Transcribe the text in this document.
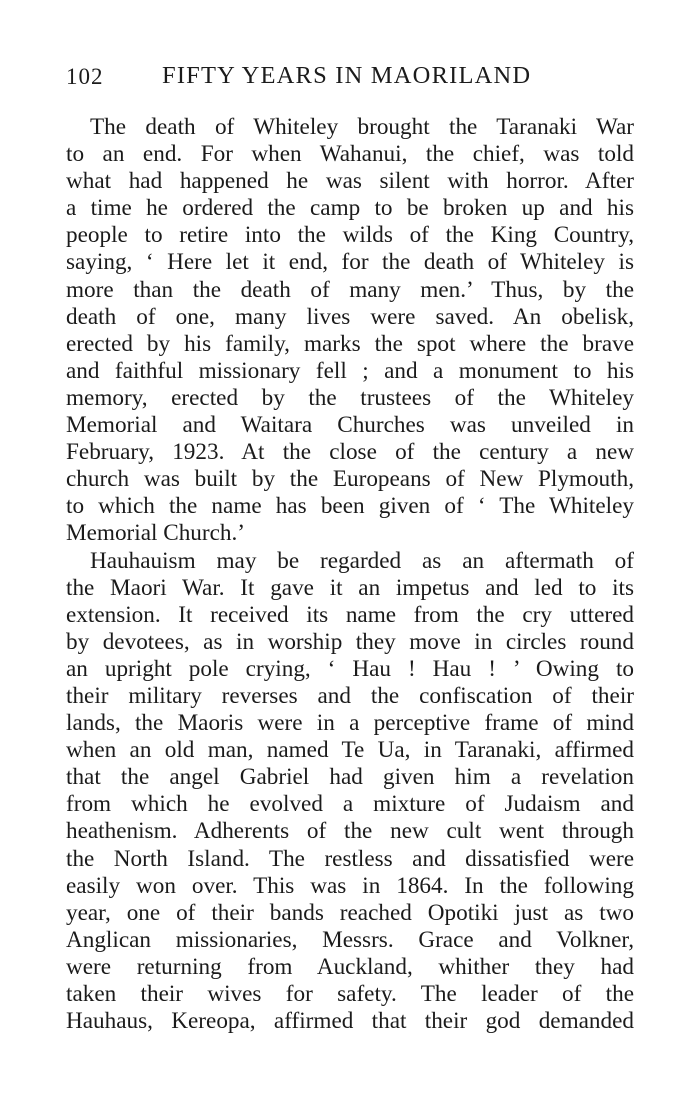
102 FIFTY YEARS IN MAORILAND
The death of Whiteley brought the Taranaki War
to an end. For when Wahanui, the chief, was told
what had happened he was silent with horror. After
a time he ordered the camp to be broken up and his
people to retire into the wilds of the King Country,
saying, ‘ Here let it end, for the death of Whiteley is
more than the death of many men.’ Thus, by the
death of one, many lives were saved. An obelisk,
erected by his family, marks the spot where the brave
and faithful missionary fell ; and a monument to his
memory, erected by the trustees of the Whiteley
Memorial and Waitara Churches was unveiled in
February, 1923. At the close of the century a new
church was built by the Europeans of New Plymouth,
to which the name has been given of ‘ The Whiteley
Memorial Church.’
Hauhauism may be regarded as an aftermath of
the Maori War. It gave it an impetus and led to its
extension. It received its name from the cry uttered
by devotees, as in worship they move in circles round
an upright pole crying, ‘ Hau ! Hau ! ’ Owing to
their military reverses and the confiscation of their
lands, the Maoris were in a perceptive frame of mind
when an old man, named Te Ua, in Taranaki, affirmed
that the angel Gabriel had given him a revelation
from which he evolved a mixture of Judaism and
heathenism. Adherents of the new cult went through
the North Island. The restless and dissatisfied were
easily won over. This was in 1864. In the following
year, one of their bands reached Opotiki just as two
Anglican missionaries, Messrs. Grace and Volkner,
were returning from Auckland, whither they had
taken their wives for safety. The leader of the
Hauhaus, Kereopa, affirmed that their god demanded
